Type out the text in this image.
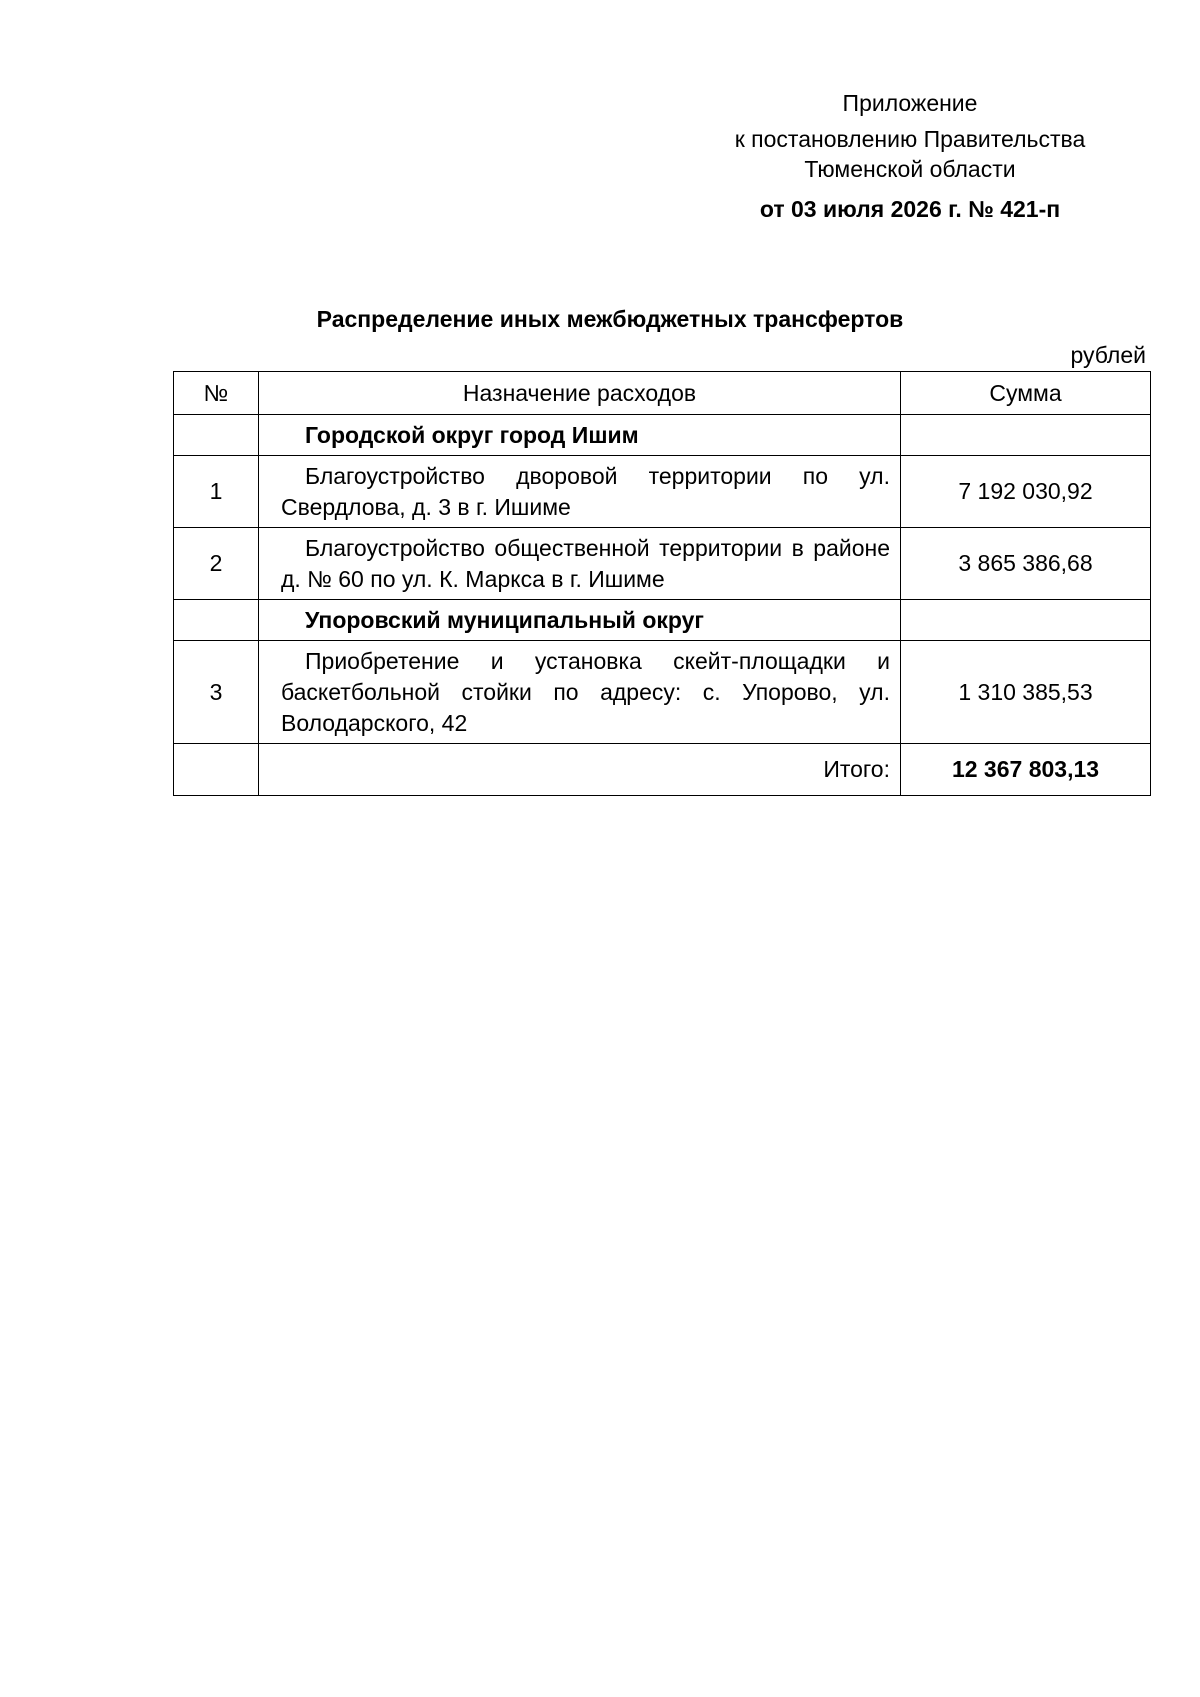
Приложение
к постановлению Правительства
Тюменской области
от 03 июля 2026 г. № 421-п
Распределение иных межбюджетных трансфертов
рублей
№	Назначение расходов	Сумма
	Городской округ город Ишим	
1	Благоустройство дворовой территории по ул. Свердлова, д. 3 в г. Ишиме	7 192 030,92
2	Благоустройство общественной территории в районе д. № 60 по ул. К. Маркса в г. Ишиме	3 865 386,68
	Упоровский муниципальный округ	
3	Приобретение и установка скейт-площадки и баскетбольной стойки по адресу: с. Упорово, ул. Володарского, 42	1 310 385,53
	Итого:	12 367 803,13
